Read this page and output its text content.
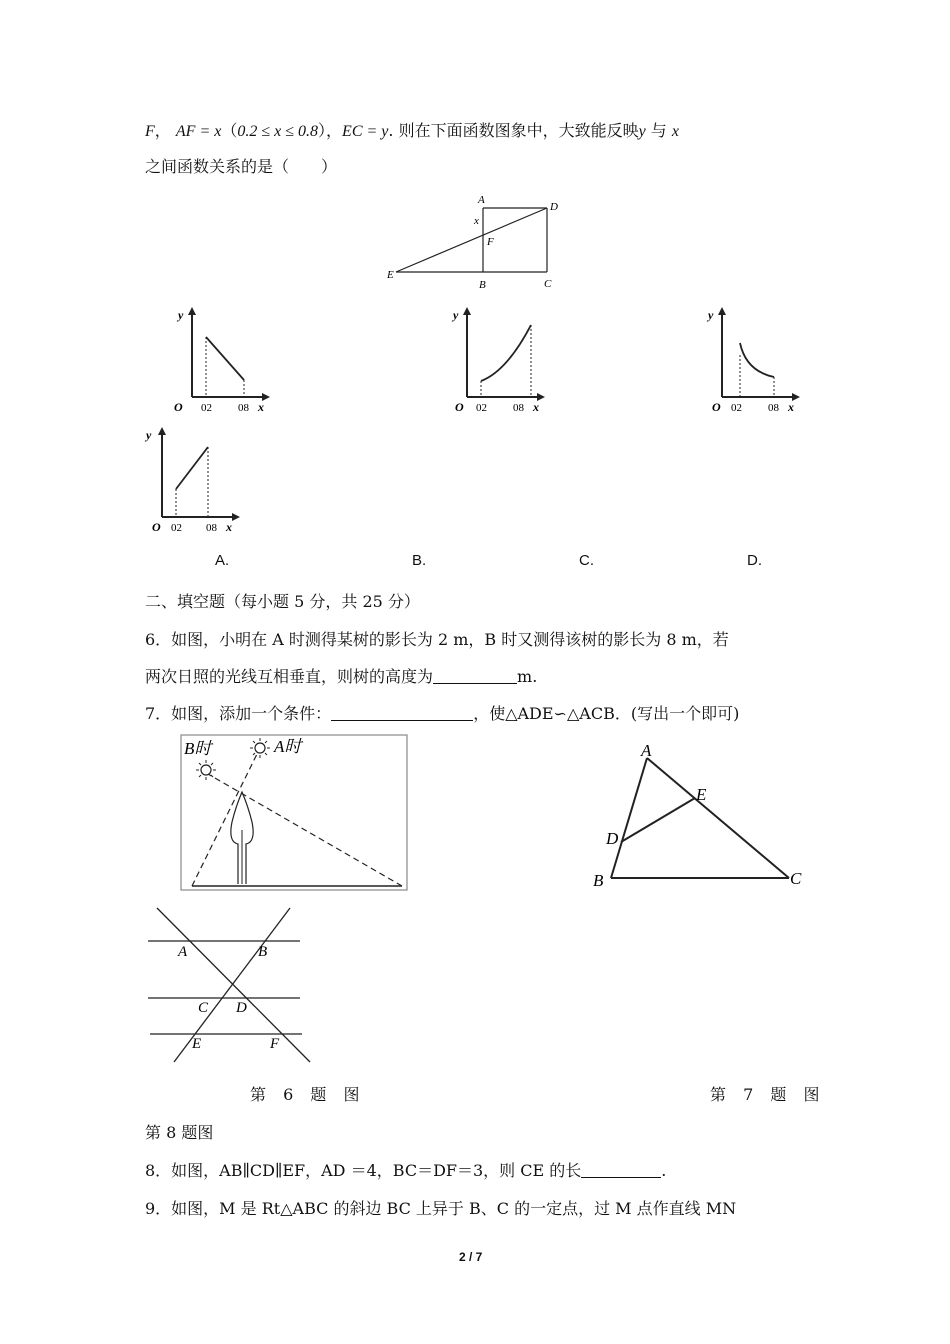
F， AF = x（0.2 ≤ x ≤ 0.8），EC = y. 则在下面函数图象中，大致能反映y 与 x
之间函数关系的是（　　）
A
D
x
F
E
B	C
y
O 02 08 x
y
O 02 08 x
y
O 02 08 x
y
O 02 08 x
A.	B.	C.	D.
二、填空题（每小题 5 分，共 25 分）
6．如图，小明在 A 时测得某树的影长为 2 m，B 时又测得该树的影长为 8 m，若
两次日照的光线互相垂直，则树的高度为	m.
7．如图，添加一个条件：	，使△ADE∽△ACB．(写出一个即可)
B时	A时	A
E
D
B	C
A	B
C D
E	F
第 6 题 图	第 7 题 图
第 8 题图
8．如图，AB∥CD∥EF，AD ＝4，BC＝DF＝3，则 CE 的长	.
9．如图，M 是 Rt△ABC 的斜边 BC 上异于 B、C 的一定点，过 M 点作直线 MN
2 / 7
